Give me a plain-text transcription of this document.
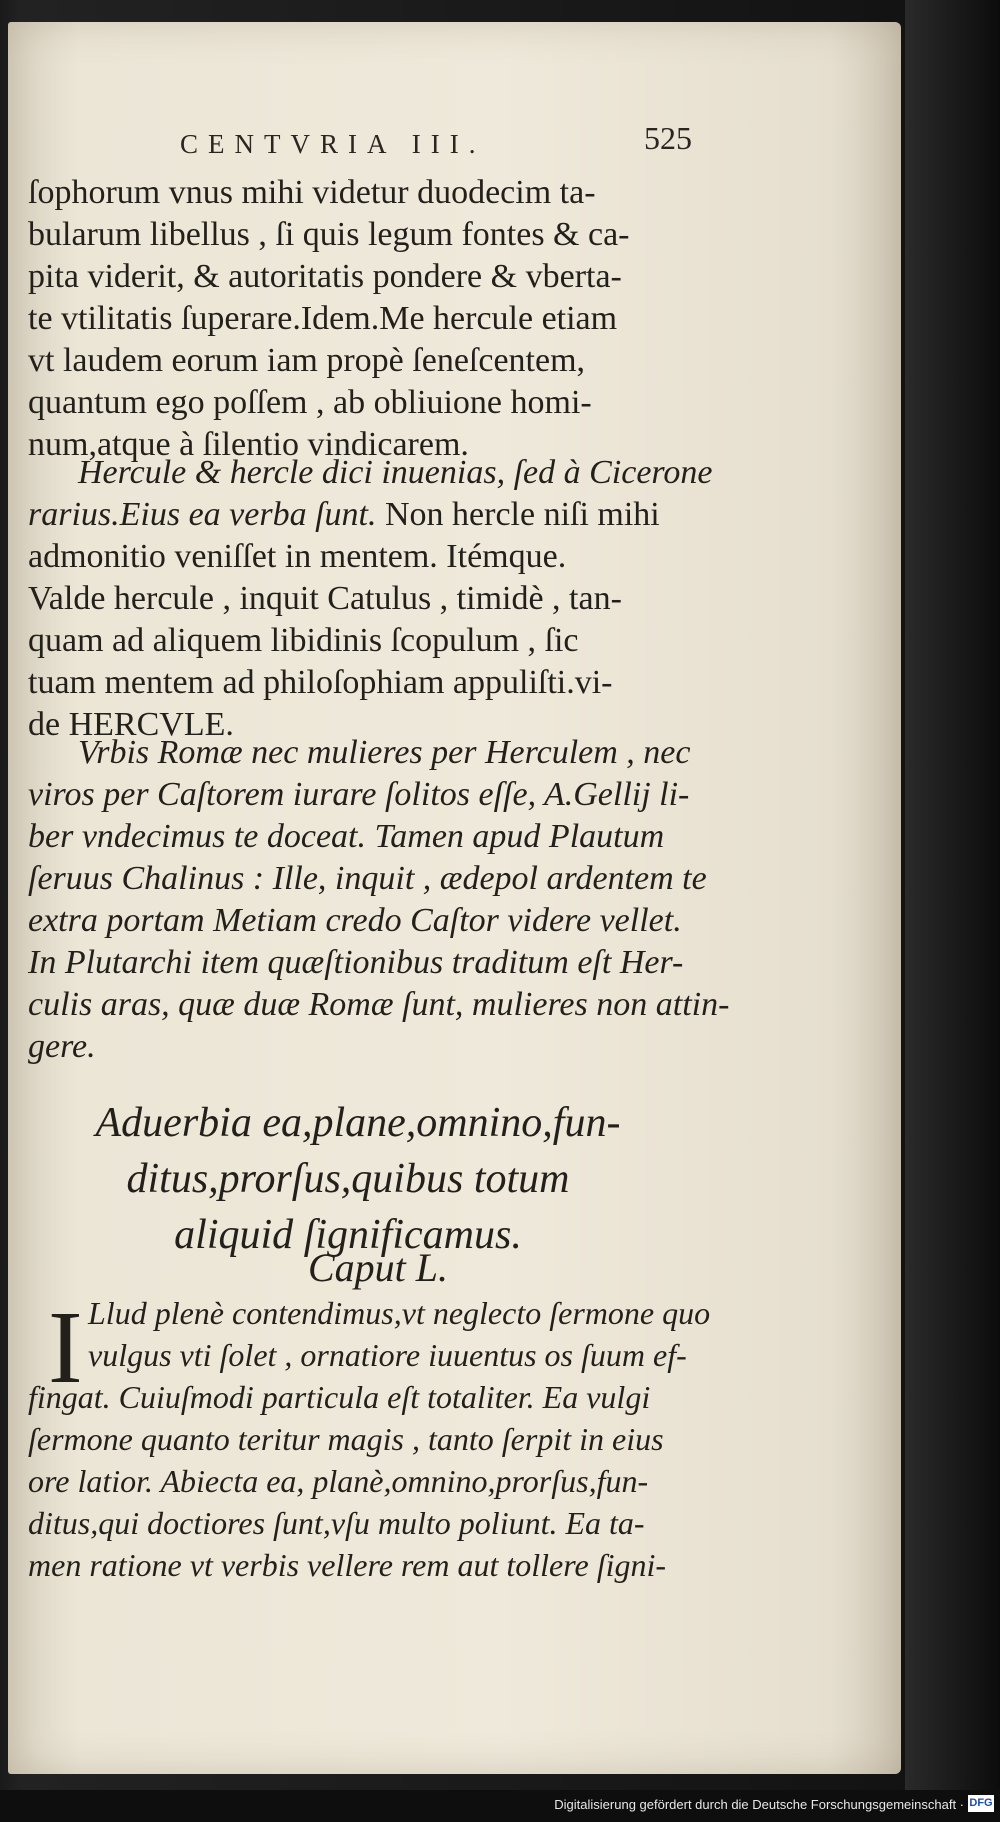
CENTVRIA III.	525
ſophorum vnus mihi videtur duodecim ta-
bularum libellus , ſi quis legum fontes & ca-
pita viderit, & autoritatis pondere & vberta-
te vtilitatis ſuperare.Idem.Me hercule etiam
vt laudem eorum iam propè ſeneſcentem,
quantum ego poſſem , ab obliuione homi-
num,atque à ſilentio vindicarem.
Hercule & hercle dici inuenias, ſed à Cicerone
rarius.Eius ea verba ſunt. Non hercle niſi mihi
admonitio veniſſet in mentem. Itémque.
Valde hercule , inquit Catulus , timidè , tan-
quam ad aliquem libidinis ſcopulum , ſic
tuam mentem ad philoſophiam appuliſti.vi-
de HERCVLE.
Vrbis Romæ nec mulieres per Herculem , nec
viros per Caſtorem iurare ſolitos eſſe, A.Gellij li-
ber vndecimus te doceat. Tamen apud Plautum
ſeruus Chalinus : Ille, inquit , ædepol ardentem te
extra portam Metiam credo Caſtor videre vellet.
In Plutarchi item quæſtionibus traditum eſt Her-
culis aras, quæ duæ Romæ ſunt, mulieres non attin-
gere.
Aduerbia ea,plane,omnino,fun-
ditus,prorſus,quibus totum
aliquid ſignificamus.
Caput L.
I Llud plenè contendimus,vt neglecto ſermone quo
vulgus vti ſolet , ornatiore iuuentus os ſuum ef-
fingat. Cuiuſmodi particula eſt totaliter. Ea vulgi
ſermone quanto teritur magis , tanto ſerpit in eius
ore latior. Abiecta ea, planè,omnino,prorſus,fun-
ditus,qui doctiores ſunt,vſu multo poliunt. Ea ta-
men ratione vt verbis vellere rem aut tollere ſigni-
Digitalisierung gefördert durch die Deutsche Forschungsgemeinschaft · DFG
